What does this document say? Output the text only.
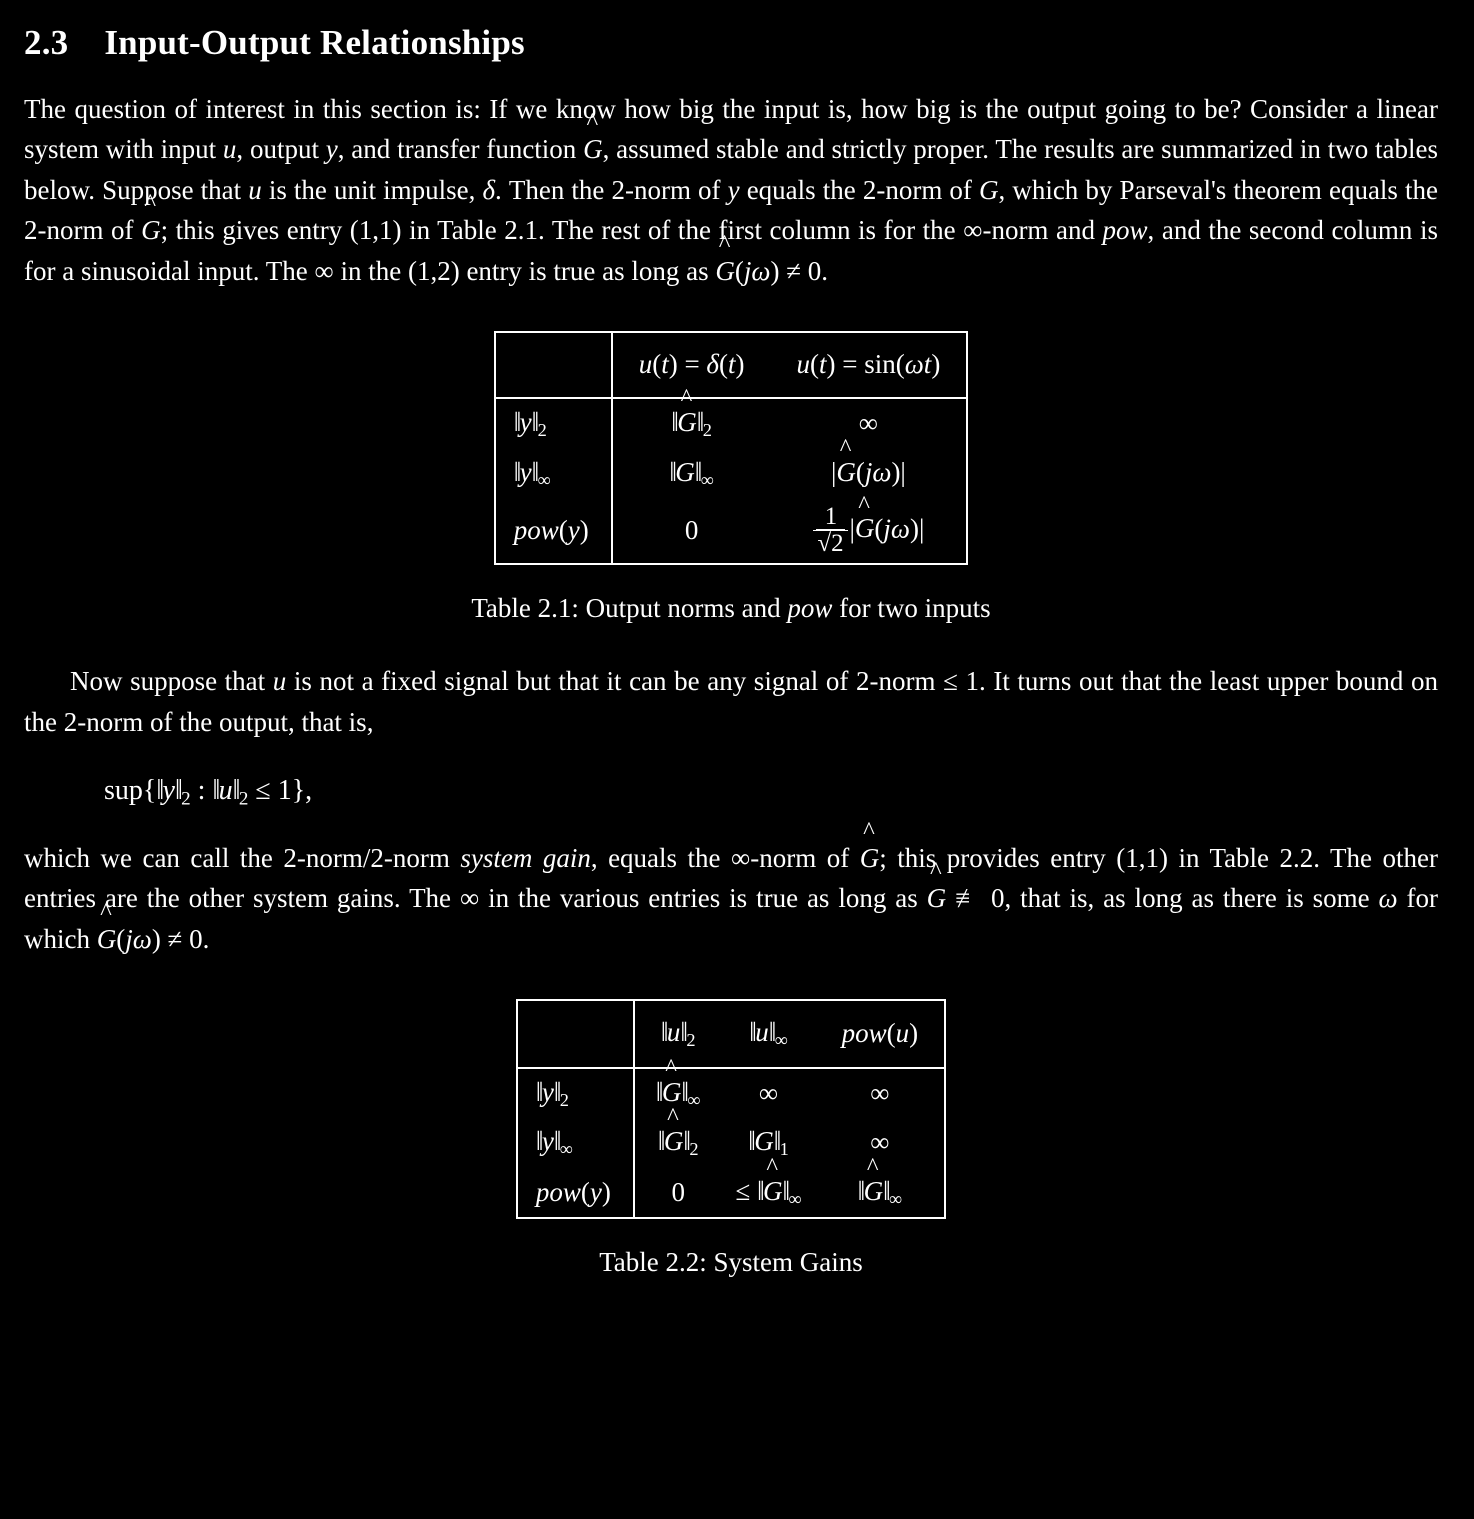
2.3 Input-Output Relationships

The question of interest in this section is: If we know how big the input is, how big is the output going to be? Consider a linear system with input u, output y, and transfer function G ^, assumed stable and strictly proper. The results are summarized in two tables below. Suppose that u is the unit impulse, δ. Then the 2-norm of y equals the 2-norm of G, which by Parseval's theorem equals the 2-norm of G ^; this gives entry (1,1) in Table 2.1. The rest of the first column is for the ∞-norm and pow, and the second column is for a sinusoidal input. The ∞ in the (1,2) entry is true as long as G ^(jω) ≠ 0.

	u(t) = δ(t)	u(t) = sin(ωt)
$‖y‖_2$	‖G $\^{}‖_2$	∞
$‖y‖_\infty$	$‖G‖_\infty$	|G ^(jω)|
pow(y)	0	$\frac{1}{√2} |G$ ^(jω)|
Table 2.1: Output norms and pow for two inputs

Now suppose that u is not a fixed signal but that it can be any signal of 2-norm ≤ 1. It turns out that the least upper bound on the 2-norm of the output, that is,

$sup\{‖y‖_2$ : $‖u‖_2 \le 1$},

which we can call the 2-norm/2-norm system gain, equals the ∞-norm of G ^; this provides entry (1,1) in Table 2.2. The other entries are the other system gains. The ∞ in the various entries is true as long as G ^ ≢ 0, that is, as long as there is some ω for which G ^(jω) ≠ 0.

	$‖u‖_2$	$‖u‖_\infty$	pow(u)
$‖y‖_2$	‖G $\^{}‖_\infty$	∞	∞
$‖y‖_\infty$	‖G $\^{}‖_2$	$‖G‖_1$	∞
pow(y)	0	≤ ‖G $\^{}‖_\infty$	‖G $\^{}‖_\infty$
Table 2.2: System Gains
